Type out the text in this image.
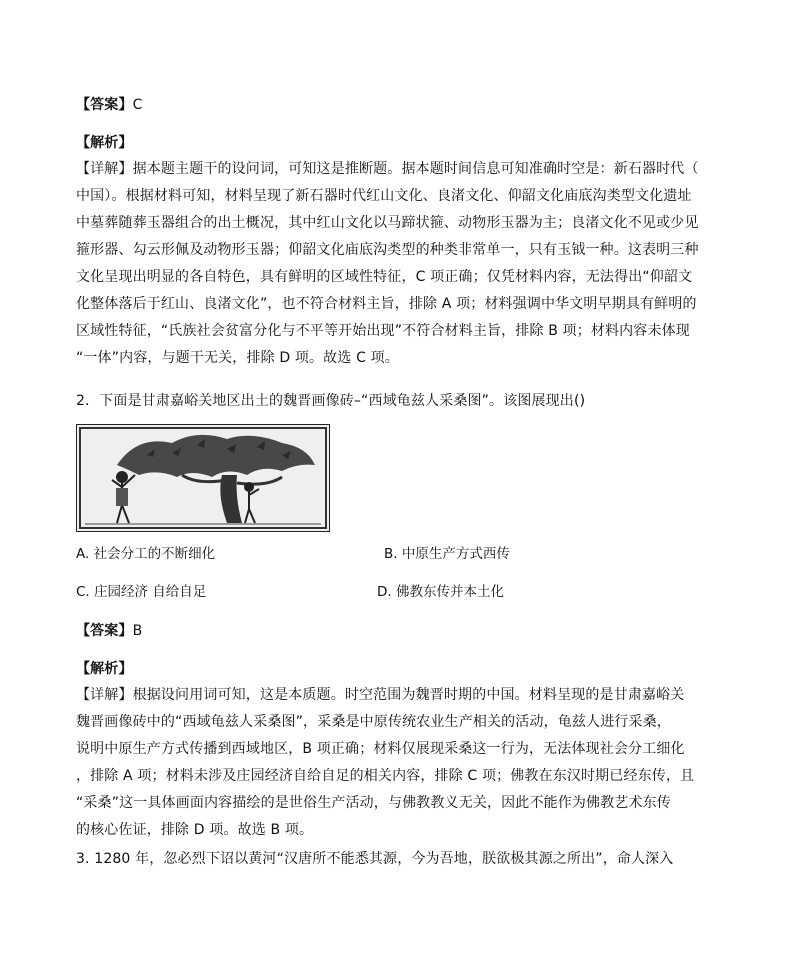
【答案】C
【解析】
【详解】据本题主题干的设问词，可知这是推断题。据本题时间信息可知准确时空是：新石器时代（
中国）。根据材料可知，材料呈现了新石器时代红山文化、良渚文化、仰韶文化庙底沟类型文化遗址
中墓葬随葬玉器组合的出土概况，其中红山文化以马蹄状箍、动物形玉器为主；良渚文化不见或少见
箍形器、勾云形佩及动物形玉器；仰韶文化庙底沟类型的种类非常单一，只有玉钺一种。这表明三种
文化呈现出明显的各自特色，具有鲜明的区域性特征，C 项正确；仅凭材料内容，无法得出“仰韶文
化整体落后于红山、良渚文化”，也不符合材料主旨，排除 A 项；材料强调中华文明早期具有鲜明的
区域性特征，“氏族社会贫富分化与不平等开始出现”不符合材料主旨，排除 B 项；材料内容未体现
“一体”内容，与题干无关，排除 D 项。故选 C 项。
2．下面是甘肃嘉峪关地区出土的魏晋画像砖–“西域龟兹人采桑图”。该图展现出()
A. 社会分工的不断细化	B. 中原生产方式西传
C. 庄园经济 自给自足	D. 佛教东传并本土化
【答案】B
【解析】
【详解】根据设问用词可知，这是本质题。时空范围为魏晋时期的中国。材料呈现的是甘肃嘉峪关
魏晋画像砖中的“西域龟兹人采桑图”，采桑是中原传统农业生产相关的活动，龟兹人进行采桑，
说明中原生产方式传播到西域地区，B 项正确；材料仅展现采桑这一行为，无法体现社会分工细化
，排除 A 项；材料未涉及庄园经济自给自足的相关内容，排除 C 项；佛教在东汉时期已经东传，且
“采桑”这一具体画面内容描绘的是世俗生产活动，与佛教教义无关，因此不能作为佛教艺术东传
的核心佐证，排除 D 项。故选 B 项。
3. 1280 年，忽必烈下诏以黄河“汉唐所不能悉其源，今为吾地，朕欲极其源之所出”，命人深入
